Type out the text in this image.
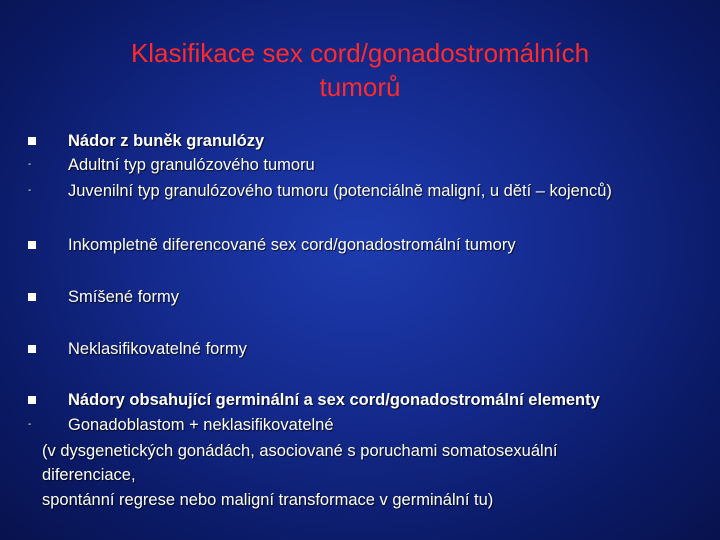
Klasifikace sex cord/gonadostromálních
tumorů
Nádor z buněk granulózy
-	Adultní typ granulózového tumoru
-	Juvenilní typ granulózového tumoru (potenciálně maligní, u dětí – kojenců)
Inkompletně diferencované sex cord/gonadostromální tumory
Smíšené formy
Neklasifikovatelné formy
Nádory obsahující germinální a sex cord/gonadostromální elementy
-	Gonadoblastom + neklasifikovatelné
(v dysgenetických gonádách, asociované s poruchami somatosexuální
diferenciace,
spontánní regrese nebo maligní transformace v germinální tu)
